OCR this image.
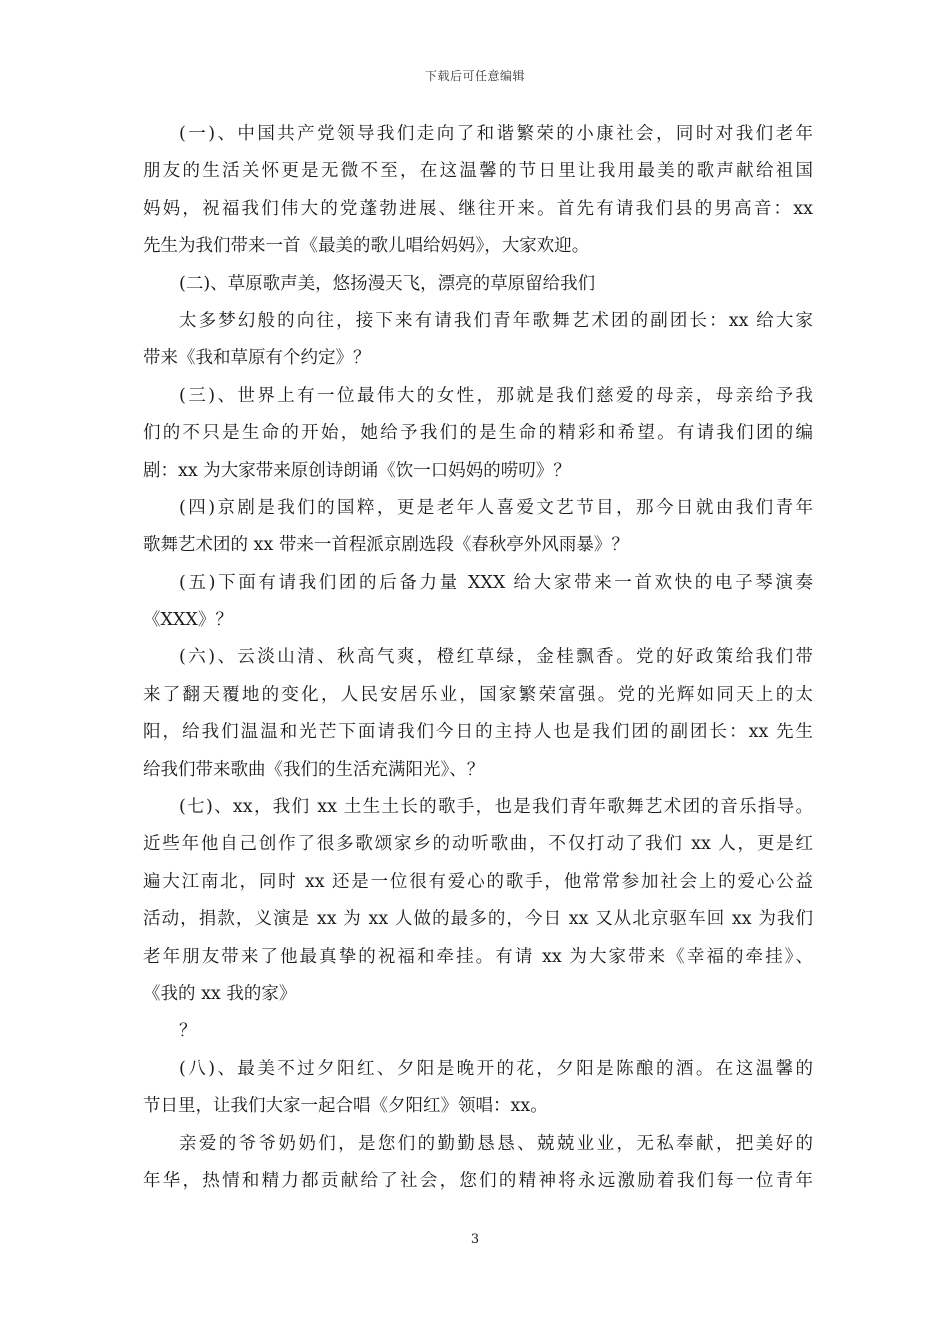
下载后可任意编辑
(一)、中国共产党领导我们走向了和谐繁荣的小康社会，同时对我们老年
朋友的生活关怀更是无微不至，在这温馨的节日里让我用最美的歌声献给祖国
妈妈，祝福我们伟大的党蓬勃进展、继往开来。首先有请我们县的男高音：xx
先生为我们带来一首《最美的歌儿唱给妈妈》，大家欢迎。
(二)、草原歌声美，悠扬漫天飞，漂亮的草原留给我们
太多梦幻般的向往，接下来有请我们青年歌舞艺术团的副团长：xx 给大家
带来《我和草原有个约定》？
(三)、世界上有一位最伟大的女性，那就是我们慈爱的母亲，母亲给予我
们的不只是生命的开始，她给予我们的是生命的精彩和希望。有请我们团的编
剧：xx 为大家带来原创诗朗诵《饮一口妈妈的唠叨》？
(四)京剧是我们的国粹，更是老年人喜爱文艺节目，那今日就由我们青年
歌舞艺术团的 xx 带来一首程派京剧选段《春秋亭外风雨暴》？
(五)下面有请我们团的后备力量 XXX 给大家带来一首欢快的电子琴演奏
《XXX》？
(六)、云淡山清、秋高气爽，橙红草绿，金桂飘香。党的好政策给我们带
来了翻天覆地的变化，人民安居乐业，国家繁荣富强。党的光辉如同天上的太
阳，给我们温温和光芒下面请我们今日的主持人也是我们团的副团长：xx 先生
给我们带来歌曲《我们的生活充满阳光》、？
(七)、xx，我们 xx 土生土长的歌手，也是我们青年歌舞艺术团的音乐指导。
近些年他自己创作了很多歌颂家乡的动听歌曲，不仅打动了我们 xx 人，更是红
遍大江南北，同时 xx 还是一位很有爱心的歌手，他常常参加社会上的爱心公益
活动，捐款，义演是 xx 为 xx 人做的最多的，今日 xx 又从北京驱车回 xx 为我们
老年朋友带来了他最真挚的祝福和牵挂。有请 xx 为大家带来《幸福的牵挂》、
《我的 xx 我的家》
？
(八)、最美不过夕阳红、夕阳是晚开的花，夕阳是陈酿的酒。在这温馨的
节日里，让我们大家一起合唱《夕阳红》领唱：xx。
亲爱的爷爷奶奶们，是您们的勤勤恳恳、兢兢业业，无私奉献，把美好的
年华，热情和精力都贡献给了社会，您们的精神将永远激励着我们每一位青年
3
